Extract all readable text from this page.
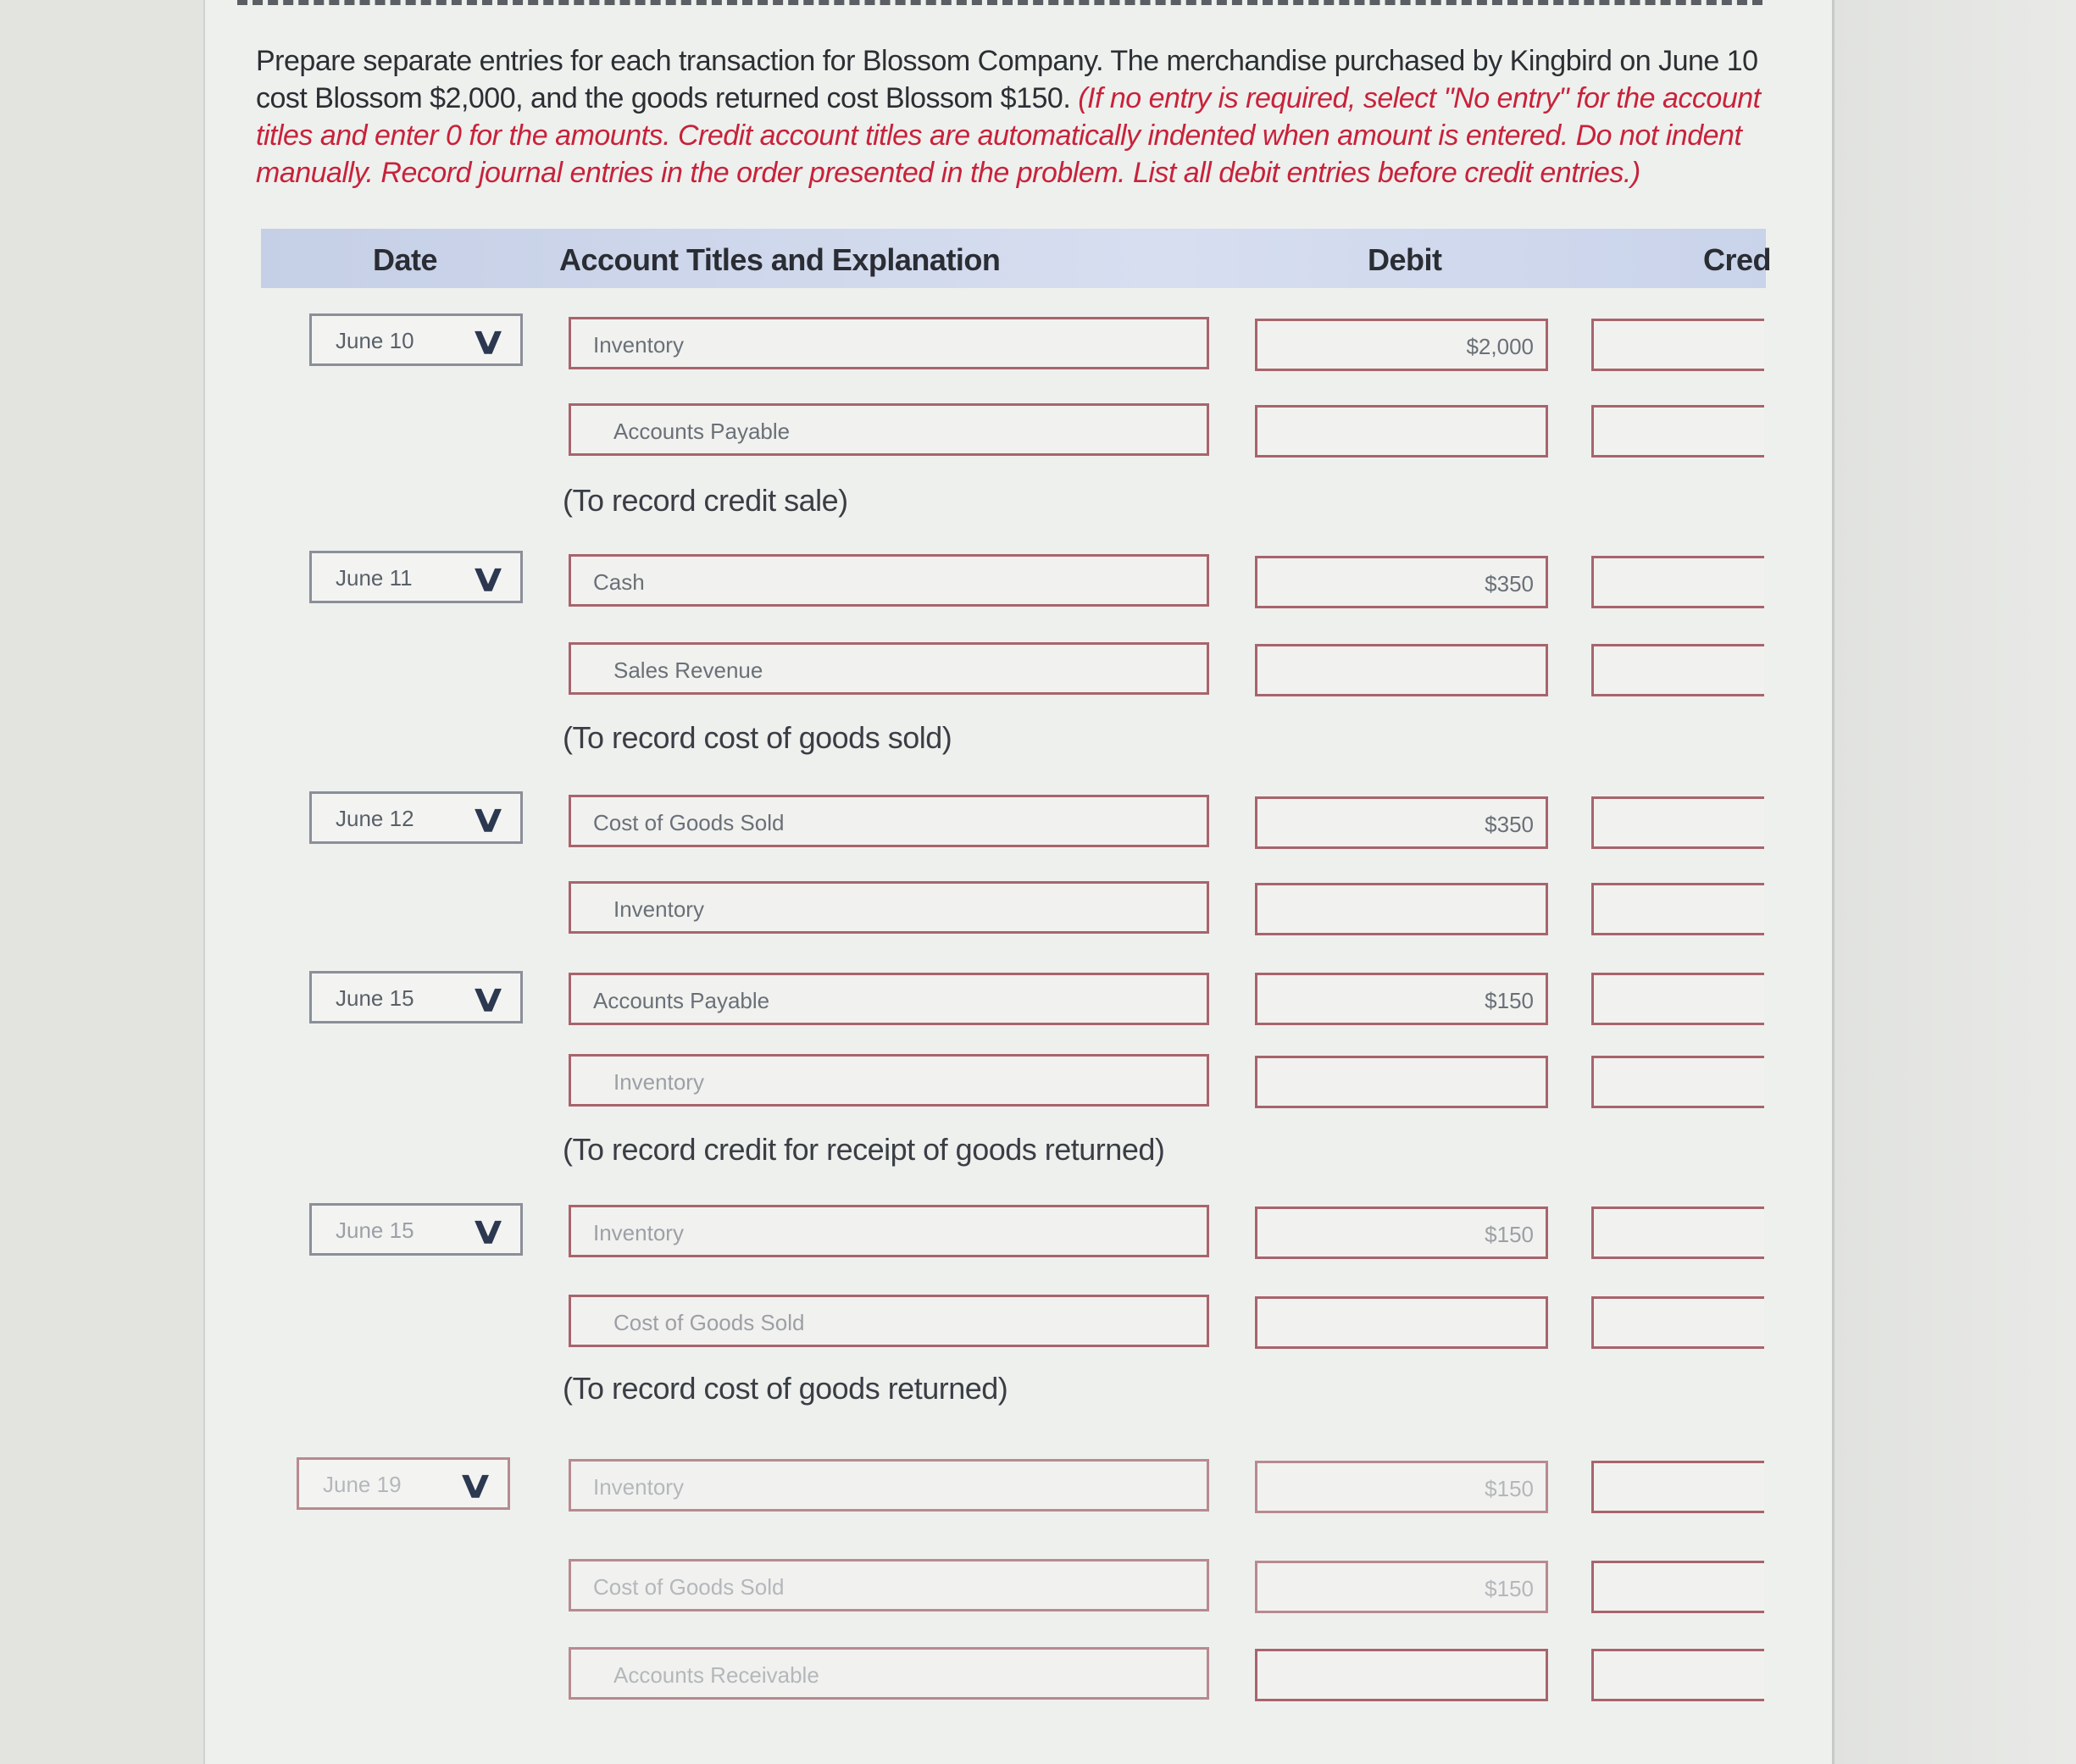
Prepare separate entries for each transaction for Blossom Company. The merchandise purchased by Kingbird on June 10 cost Blossom $2,000, and the goods returned cost Blossom $150. (If no entry is required, select "No entry" for the account titles and enter 0 for the amounts. Credit account titles are automatically indented when amount is entered. Do not indent manually. Record journal entries in the order presented in the problem. List all debit entries before credit entries.)
Date	Account Titles and Explanation	Debit	Cred
June 10 ∨	Inventory	$2,000
Accounts Payable
(To record credit sale)
June 11 ∨	Cash	$350
Sales Revenue
(To record cost of goods sold)
June 12 ∨	Cost of Goods Sold	$350
Inventory
June 15 ∨	Accounts Payable	$150
Inventory
(To record credit for receipt of goods returned)
June 15 ∨	Inventory	$150
Cost of Goods Sold
(To record cost of goods returned)
June 19 ∨	Inventory	$150
Cost of Goods Sold	$150
Accounts Receivable
